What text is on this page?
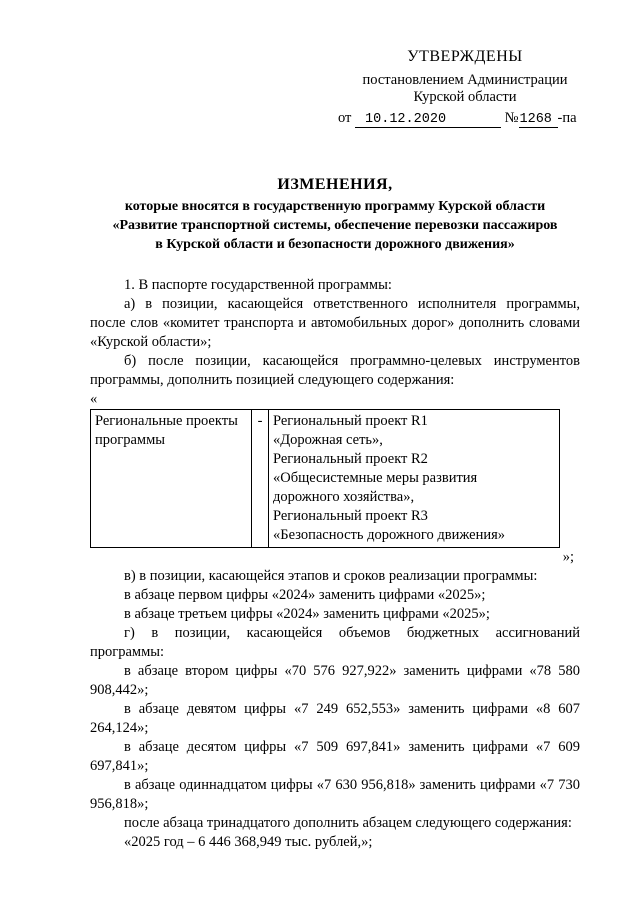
УТВЕРЖДЕНЫ
постановлением Администрации
Курской области
от 10.12.2020	№1268 -па
ИЗМЕНЕНИЯ,
которые вносятся в государственную программу Курской области
«Развитие транспортной системы, обеспечение перевозки пассажиров
в Курской области и безопасности дорожного движения»

1. В паспорте государственной программы:

а) в позиции, касающейся ответственного исполнителя программы, после слов «комитет транспорта и автомобильных дорог» дополнить словами «Курской области»;

б) после позиции, касающейся программно-целевых инструментов программы, дополнить позицией следующего содержания:

«
Региональные проекты программы	-	Региональный проект R1
«Дорожная сеть»,
Региональный проект R2
«Общесистемные меры развития
дорожного хозяйства»,
Региональный проект R3
«Безопасность дорожного движения»
»;

в) в позиции, касающейся этапов и сроков реализации программы:

в абзаце первом цифры «2024» заменить цифрами «2025»;

в абзаце третьем цифры «2024» заменить цифрами «2025»;

г) в позиции, касающейся объемов бюджетных ассигнований программы:

в абзаце втором цифры «70 576 927,922» заменить цифрами «78 580 908,442»;

в абзаце девятом цифры «7 249 652,553» заменить цифрами «8 607 264,124»;

в абзаце десятом цифры «7 509 697,841» заменить цифрами «7 609 697,841»;

в абзаце одиннадцатом цифры «7 630 956,818» заменить цифрами «7 730 956,818»;

после абзаца тринадцатого дополнить абзацем следующего содержания:

«2025 год – 6 446 368,949 тыс. рублей,»;
